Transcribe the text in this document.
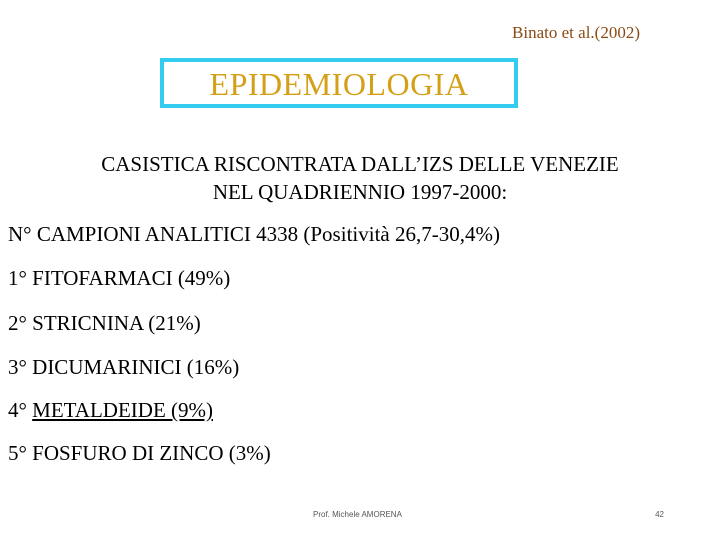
Binato et al.(2002)
EPIDEMIOLOGIA
CASISTICA RISCONTRATA DALL’IZS DELLE VENEZIE
NEL QUADRIENNIO 1997-2000:
N° CAMPIONI ANALITICI 4338 (Positività 26,7-30,4%)
1° FITOFARMACI (49%)
2° STRICNINA (21%)
3° DICUMARINICI (16%)
4° METALDEIDE (9%)
5° FOSFURO DI ZINCO (3%)
Prof. Michele AMORENA	42
